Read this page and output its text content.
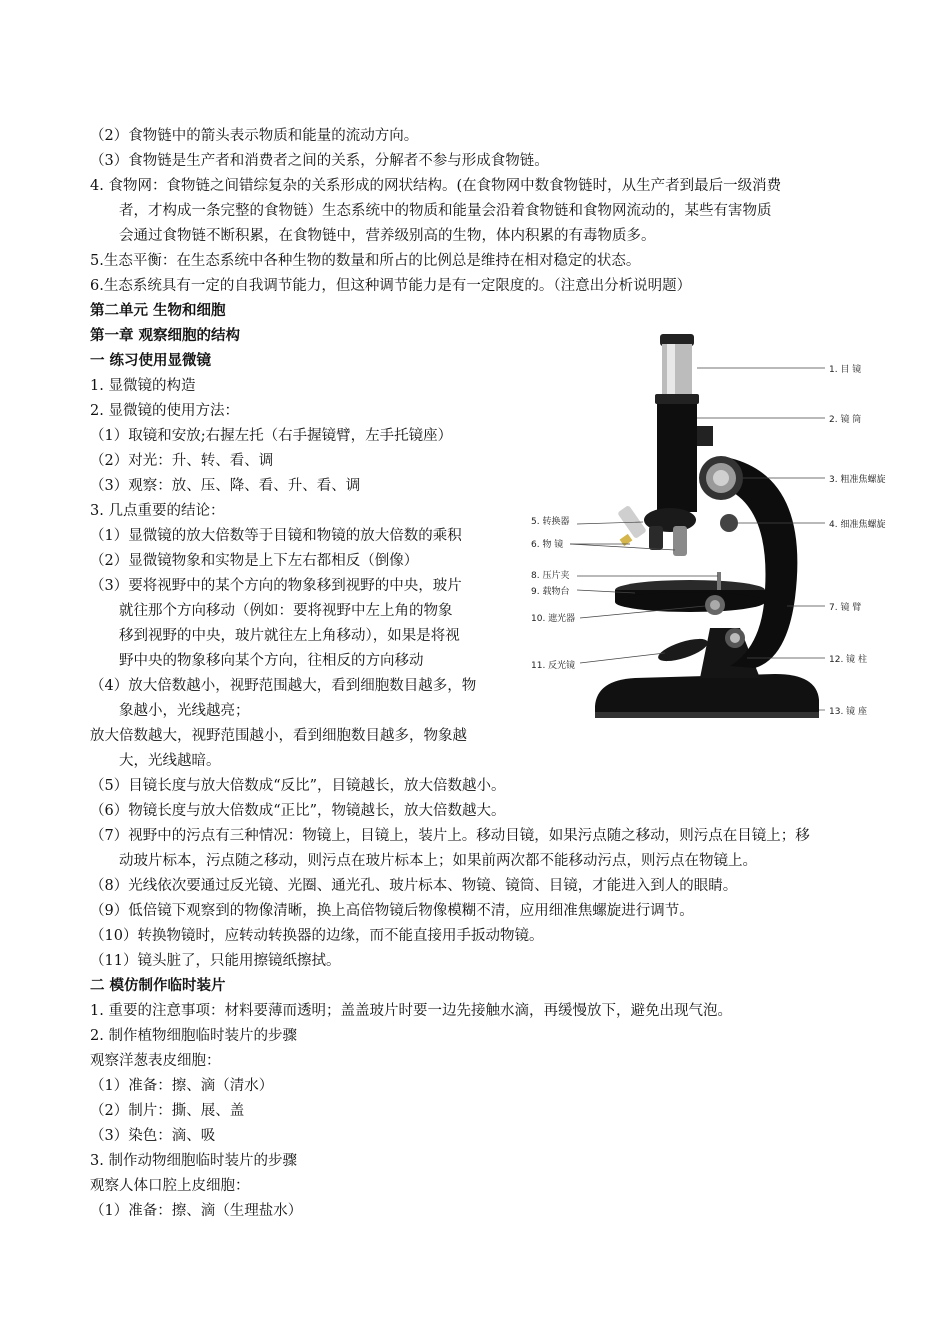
（2）食物链中的箭头表示物质和能量的流动方向。
（3）食物链是生产者和消费者之间的关系，分解者不参与形成食物链。
4. 食物网：食物链之间错综复杂的关系形成的网状结构。(在食物网中数食物链时，从生产者到最后一级消费
者，才构成一条完整的食物链）生态系统中的物质和能量会沿着食物链和食物网流动的，某些有害物质
会通过食物链不断积累，在食物链中，营养级别高的生物，体内积累的有毒物质多。
5.生态平衡：在生态系统中各种生物的数量和所占的比例总是维持在相对稳定的状态。
6.生态系统具有一定的自我调节能力，但这种调节能力是有一定限度的。（注意出分析说明题）
第二单元 生物和细胞
第一章 观察细胞的结构
一 练习使用显微镜
1. 显微镜的构造
2. 显微镜的使用方法：
（1）取镜和安放;右握左托（右手握镜臂，左手托镜座）
（2）对光：升、转、看、调
（3）观察：放、压、降、看、升、看、调
3. 几点重要的结论：
（1）显微镜的放大倍数等于目镜和物镜的放大倍数的乘积
（2）显微镜物象和实物是上下左右都相反（倒像）
（3）要将视野中的某个方向的物象移到视野的中央，玻片
就往那个方向移动（例如：要将视野中左上角的物象
移到视野的中央，玻片就往左上角移动），如果是将视
野中央的物象移向某个方向，往相反的方向移动
（4）放大倍数越小，视野范围越大，看到细胞数目越多，物
象越小，光线越亮；
放大倍数越大，视野范围越小，看到细胞数目越多，物象越
大，光线越暗。
（5）目镜长度与放大倍数成“反比”，目镜越长，放大倍数越小。
（6）物镜长度与放大倍数成“正比”，物镜越长，放大倍数越大。
（7）视野中的污点有三种情况：物镜上，目镜上，装片上。移动目镜，如果污点随之移动，则污点在目镜上；移
动玻片标本，污点随之移动，则污点在玻片标本上；如果前两次都不能移动污点，则污点在物镜上。
（8）光线依次要通过反光镜、光圈、通光孔、玻片标本、物镜、镜筒、目镜，才能进入到人的眼睛。
（9）低倍镜下观察到的物像清晰，换上高倍物镜后物像模糊不清，应用细准焦螺旋进行调节。
（10）转换物镜时，应转动转换器的边缘，而不能直接用手扳动物镜。
（11）镜头脏了，只能用擦镜纸擦拭。
二 模仿制作临时装片
1. 重要的注意事项：材料要薄而透明；盖盖玻片时要一边先接触水滴，再缓慢放下，避免出现气泡。
2. 制作植物细胞临时装片的步骤
观察洋葱表皮细胞：
（1）准备：擦、滴（清水）
（2）制片：撕、展、盖
（3）染色：滴、吸
3. 制作动物细胞临时装片的步骤
观察人体口腔上皮细胞：
（1）准备：擦、滴（生理盐水）
1. 目 镜
2. 镜 筒
3. 粗准焦螺旋
4. 细准焦螺旋
7. 镜 臂
12. 镜 柱
13. 镜 座
5. 转换器
6. 物 镜
8. 压片夹
9. 载物台
10. 遮光器
11. 反光镜
